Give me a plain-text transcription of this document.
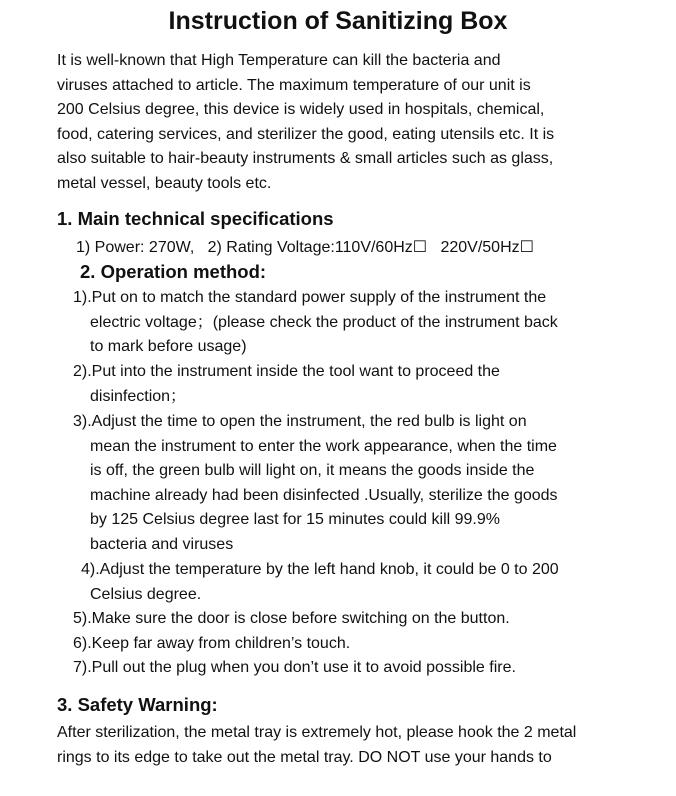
Instruction of Sanitizing Box
It is well-known that High Temperature can kill the bacteria and
viruses attached to article. The maximum temperature of our unit is
200 Celsius degree, this device is widely used in hospitals, chemical,
food, catering services, and sterilizer the good, eating utensils etc. It is
also suitable to hair-beauty instruments & small articles such as glass,
metal vessel, beauty tools etc.
1. Main technical specifications
1) Power: 270W,   2) Rating Voltage:110V/60Hz☐   220V/50Hz☐
2. Operation method:
1).Put on to match the standard power supply of the instrument the
electric voltage；(please check the product of the instrument back
to mark before usage)
2).Put into the instrument inside the tool want to proceed the
disinfection；
3).Adjust the time to open the instrument, the red bulb is light on
mean the instrument to enter the work appearance, when the time
is off, the green bulb will light on, it means the goods inside the
machine already had been disinfected .Usually, sterilize the goods
by 125 Celsius degree last for 15 minutes could kill 99.9%
bacteria and viruses
4).Adjust the temperature by the left hand knob, it could be 0 to 200
Celsius degree.
5).Make sure the door is close before switching on the button.
6).Keep far away from children’s touch.
7).Pull out the plug when you don’t use it to avoid possible fire.
3. Safety Warning:
After sterilization, the metal tray is extremely hot, please hook the 2 metal
rings to its edge to take out the metal tray. DO NOT use your hands to
